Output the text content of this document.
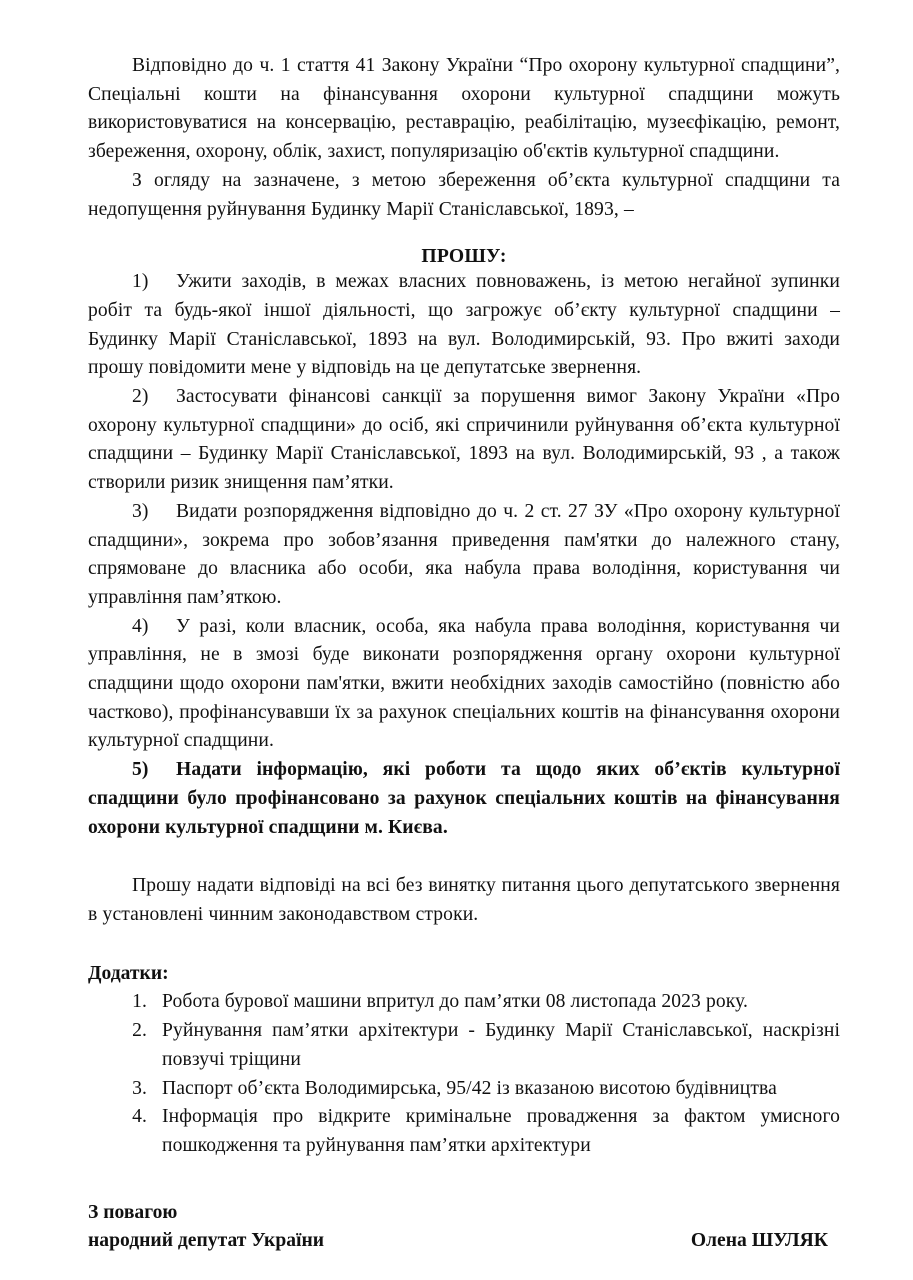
Відповідно до ч. 1 стаття 41 Закону України “Про охорону культурної спадщини”, Спеціальні кошти на фінансування охорони культурної спадщини можуть використовуватися на консервацію, реставрацію, реабілітацію, музеєфікацію, ремонт, збереження, охорону, облік, захист, популяризацію об'єктів культурної спадщини.

З огляду на зазначене, з метою збереження об’єкта культурної спадщини та недопущення руйнування Будинку Марії Станіславської, 1893, –

ПРОШУ:

1) Ужити заходів, в межах власних повноважень, із метою негайної зупинки робіт та будь-якої іншої діяльності, що загрожує об’єкту культурної спадщини – Будинку Марії Станіславської, 1893 на вул. Володимирській, 93. Про вжиті заходи прошу повідомити мене у відповідь на це депутатське звернення.

2) Застосувати фінансові санкції за порушення вимог Закону України «Про охорону культурної спадщини» до осіб, які спричинили руйнування об’єкта культурної спадщини – Будинку Марії Станіславської, 1893 на вул. Володимирській, 93 , а також створили ризик знищення пам’ятки.

3) Видати розпорядження відповідно до ч. 2 ст. 27 ЗУ «Про охорону культурної спадщини», зокрема про зобов’язання приведення пам'ятки до належного стану, спрямоване до власника або особи, яка набула права володіння, користування чи управління пам’яткою.

4) У разі, коли власник, особа, яка набула права володіння, користування чи управління, не в змозі буде виконати розпорядження органу охорони культурної спадщини щодо охорони пам'ятки, вжити необхідних заходів самостійно (повністю або частково), профінансувавши їх за рахунок спеціальних коштів на фінансування охорони культурної спадщини.

5) Надати інформацію, які роботи та щодо яких об’єктів культурної спадщини було профінансовано за рахунок спеціальних коштів на фінансування охорони культурної спадщини м. Києва.

Прошу надати відповіді на всі без винятку питання цього депутатського звернення в установлені чинним законодавством строки.

Додатки:

1. Робота бурової машини впритул до пам’ятки 08 листопада 2023 року.
2. Руйнування пам’ятки архітектури - Будинку Марії Станіславської, наскрізні повзучі тріщини
3. Паспорт об’єкта Володимирська, 95/42 із вказаною висотою будівництва
4. Інформація про відкрите кримінальне провадження за фактом умисного пошкодження та руйнування пам’ятки архітектури

З повагою

народний депутат України	Олена ШУЛЯК
